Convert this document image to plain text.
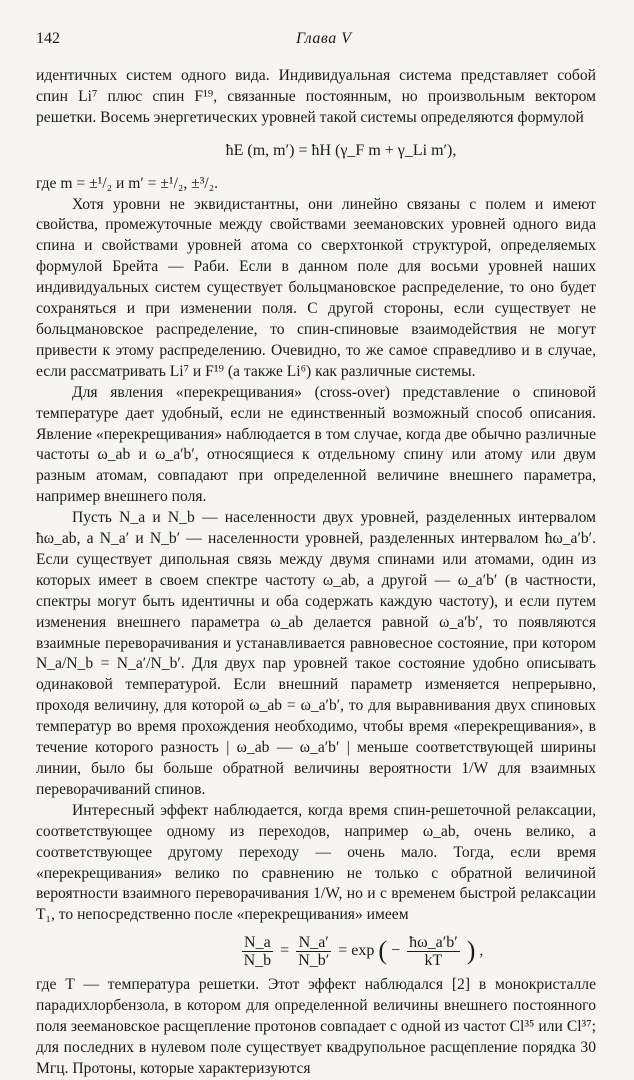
142	Глава V

идентичных систем одного вида. Индивидуальная система представляет собой спин Li⁷ плюс спин F¹⁹, связанные постоянным, но произвольным вектором решетки. Восемь энергетических уровней такой системы определяются формулой

ħE (m, m′) = ħH (γ_F m + γ_Li m′),

где m = ±¹/₂ и m′ = ±¹/₂, ±³/₂.

Хотя уровни не эквидистантны, они линейно связаны с полем и имеют свойства, промежуточные между свойствами зеемановских уровней одного вида спина и свойствами уровней атома со сверхтонкой структурой, определяемых формулой Брейта — Раби. Если в данном поле для восьми уровней наших индивидуальных систем существует больцмановское распределение, то оно будет сохраняться и при изменении поля. С другой стороны, если существует не больцмановское распределение, то спин-спиновые взаимодействия не могут привести к этому распределению. Очевидно, то же самое справедливо и в случае, если рассматривать Li⁷ и F¹⁹ (а также Li⁶) как различные системы.

Для явления «перекрещивания» (cross-over) представление о спиновой температуре дает удобный, если не единственный возможный способ описания. Явление «перекрещивания» наблюдается в том случае, когда две обычно различные частоты ω_ab и ω_a′b′, относящиеся к отдельному спину или атому или двум разным атомам, совпадают при определенной величине внешнего параметра, например внешнего поля.

Пусть N_a и N_b — населенности двух уровней, разделенных интервалом ħω_ab, а N_a′ и N_b′ — населенности уровней, разделенных интервалом ħω_a′b′. Если существует дипольная связь между двумя спинами или атомами, один из которых имеет в своем спектре частоту ω_ab, а другой — ω_a′b′ (в частности, спектры могут быть идентичны и оба содержать каждую частоту), и если путем изменения внешнего параметра ω_ab делается равной ω_a′b′, то появляются взаимные переворачивания и устанавливается равновесное состояние, при котором N_a/N_b = N_a′/N_b′. Для двух пар уровней такое состояние удобно описывать одинаковой температурой. Если внешний параметр изменяется непрерывно, проходя величину, для которой ω_ab = ω_a′b′, то для выравнивания двух спиновых температур во время прохождения необходимо, чтобы время «перекрещивания», в течение которого разность | ω_ab — ω_a′b′ | меньше соответствующей ширины линии, было бы больше обратной величины вероятности 1/W для взаимных переворачиваний спинов.

Интересный эффект наблюдается, когда время спин-решеточной релаксации, соответствующее одному из переходов, например ω_ab, очень велико, а соответствующее другому переходу — очень мало. Тогда, если время «перекрещивания» велико по сравнению не только с обратной величиной вероятности взаимного переворачивания 1/W, но и с временем быстрой релаксации T₁, то непосредственно после «перекрещивания» имеем

$\frac{N\_a}{N\_b} = \frac{N\_a'}{N\_b'} = \exp$ ( − $\frac{ħ\omega\_a'b'}{kT}$ ) ,

где T — температура решетки. Этот эффект наблюдался [2] в монокристалле парадихлорбензола, в котором для определенной величины внешнего постоянного поля зеемановское расщепление протонов совпадает с одной из частот Cl³⁵ или Cl³⁷; для последних в нулевом поле существует квадрупольное расщепление порядка 30 Мгц. Протоны, которые характеризуются
